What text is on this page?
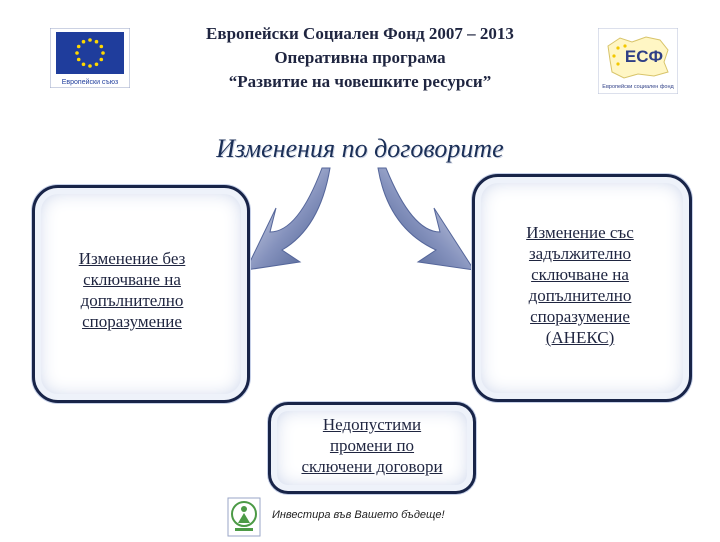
Европейски Социален Фонд 2007 – 2013
Оперативна програма
“Развитие на човешките ресурси”
Европейски съюз
ЕСФ
Европейски социален фонд
Изменения по договорите
Изменение без
сключване на
допълнително
споразумение
Изменение със
задължително
сключване на
допълнително
споразумение
(АНЕКС)
Недопустими
промени по
сключени договори
Инвестира във Вашето бъдеще!
